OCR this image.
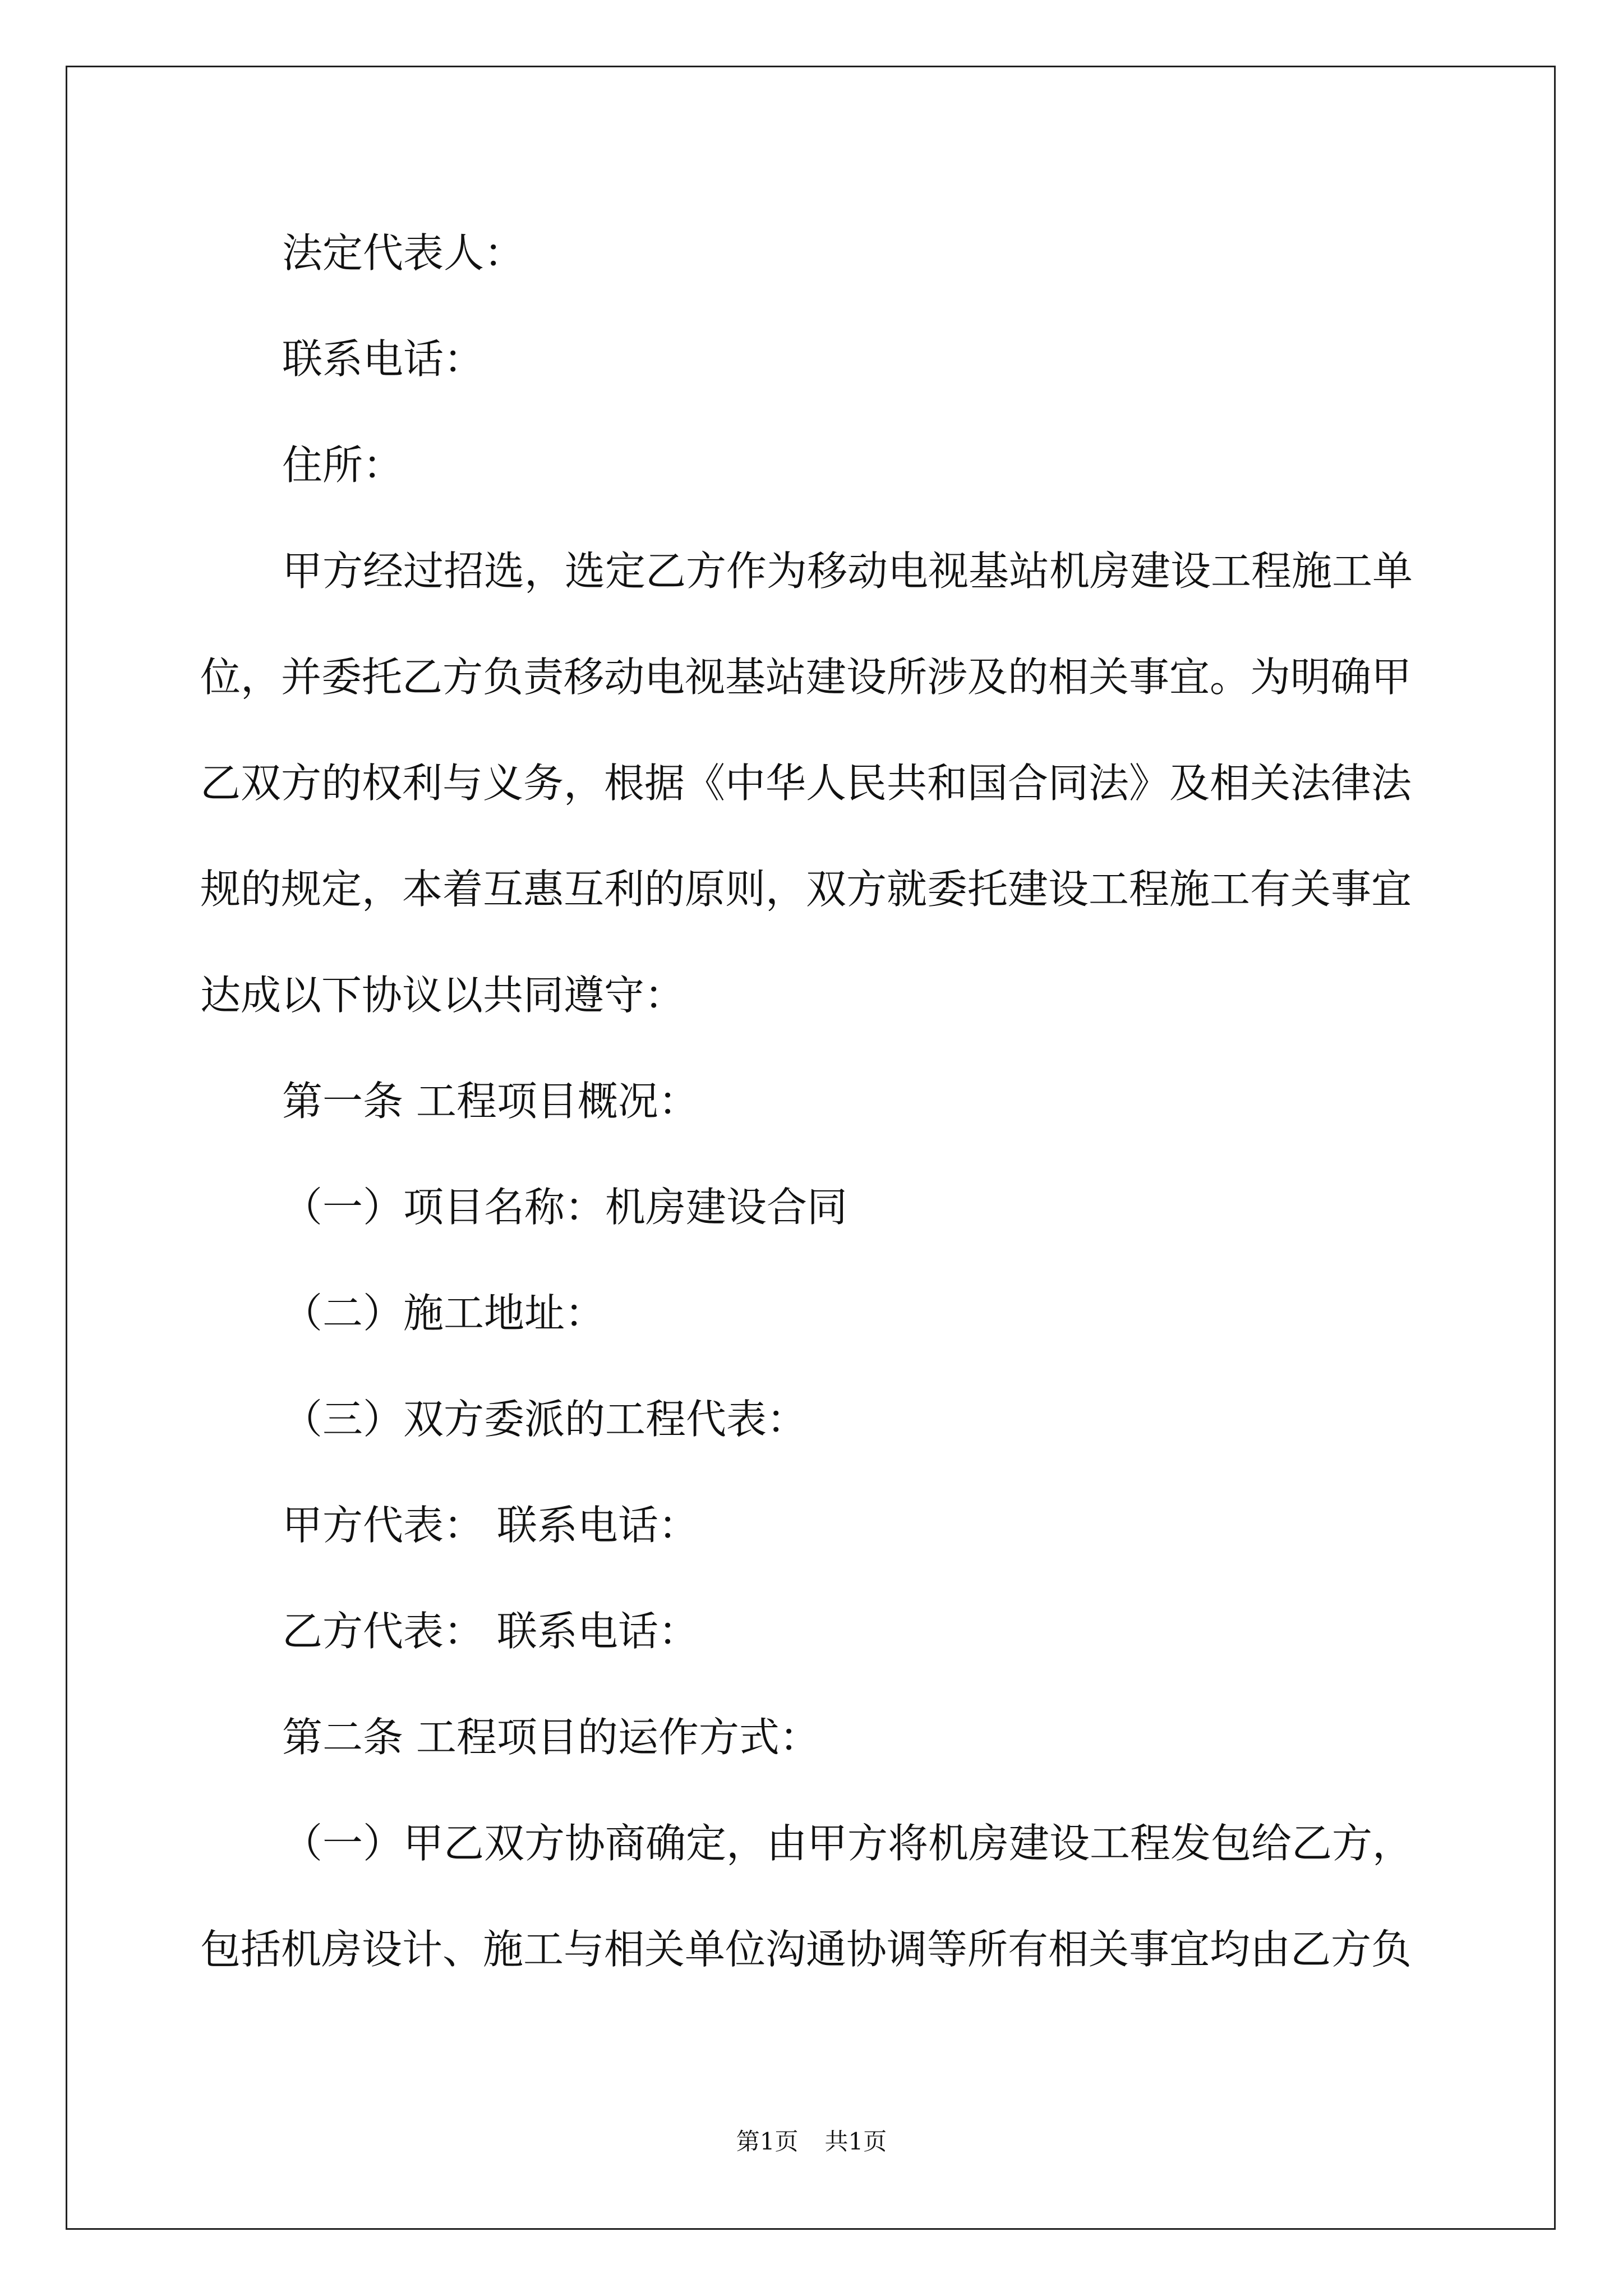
法定代表人：
联系电话：
住所：
甲方经过招选，选定乙方作为移动电视基站机房建设工程施工单
位，并委托乙方负责移动电视基站建设所涉及的相关事宜。为明确甲
乙双方的权利与义务，根据《中华人民共和国合同法》及相关法律法
规的规定，本着互惠互利的原则，双方就委托建设工程施工有关事宜
达成以下协议以共同遵守：
第一条 工程项目概况：
（一）项目名称：机房建设合同
（二）施工地址：
（三）双方委派的工程代表：
甲方代表： 联系电话：
乙方代表： 联系电话：
第二条 工程项目的运作方式：
（一）甲乙双方协商确定，由甲方将机房建设工程发包给乙方，
包括机房设计、施工与相关单位沟通协调等所有相关事宜均由乙方负
第1页 共1页
